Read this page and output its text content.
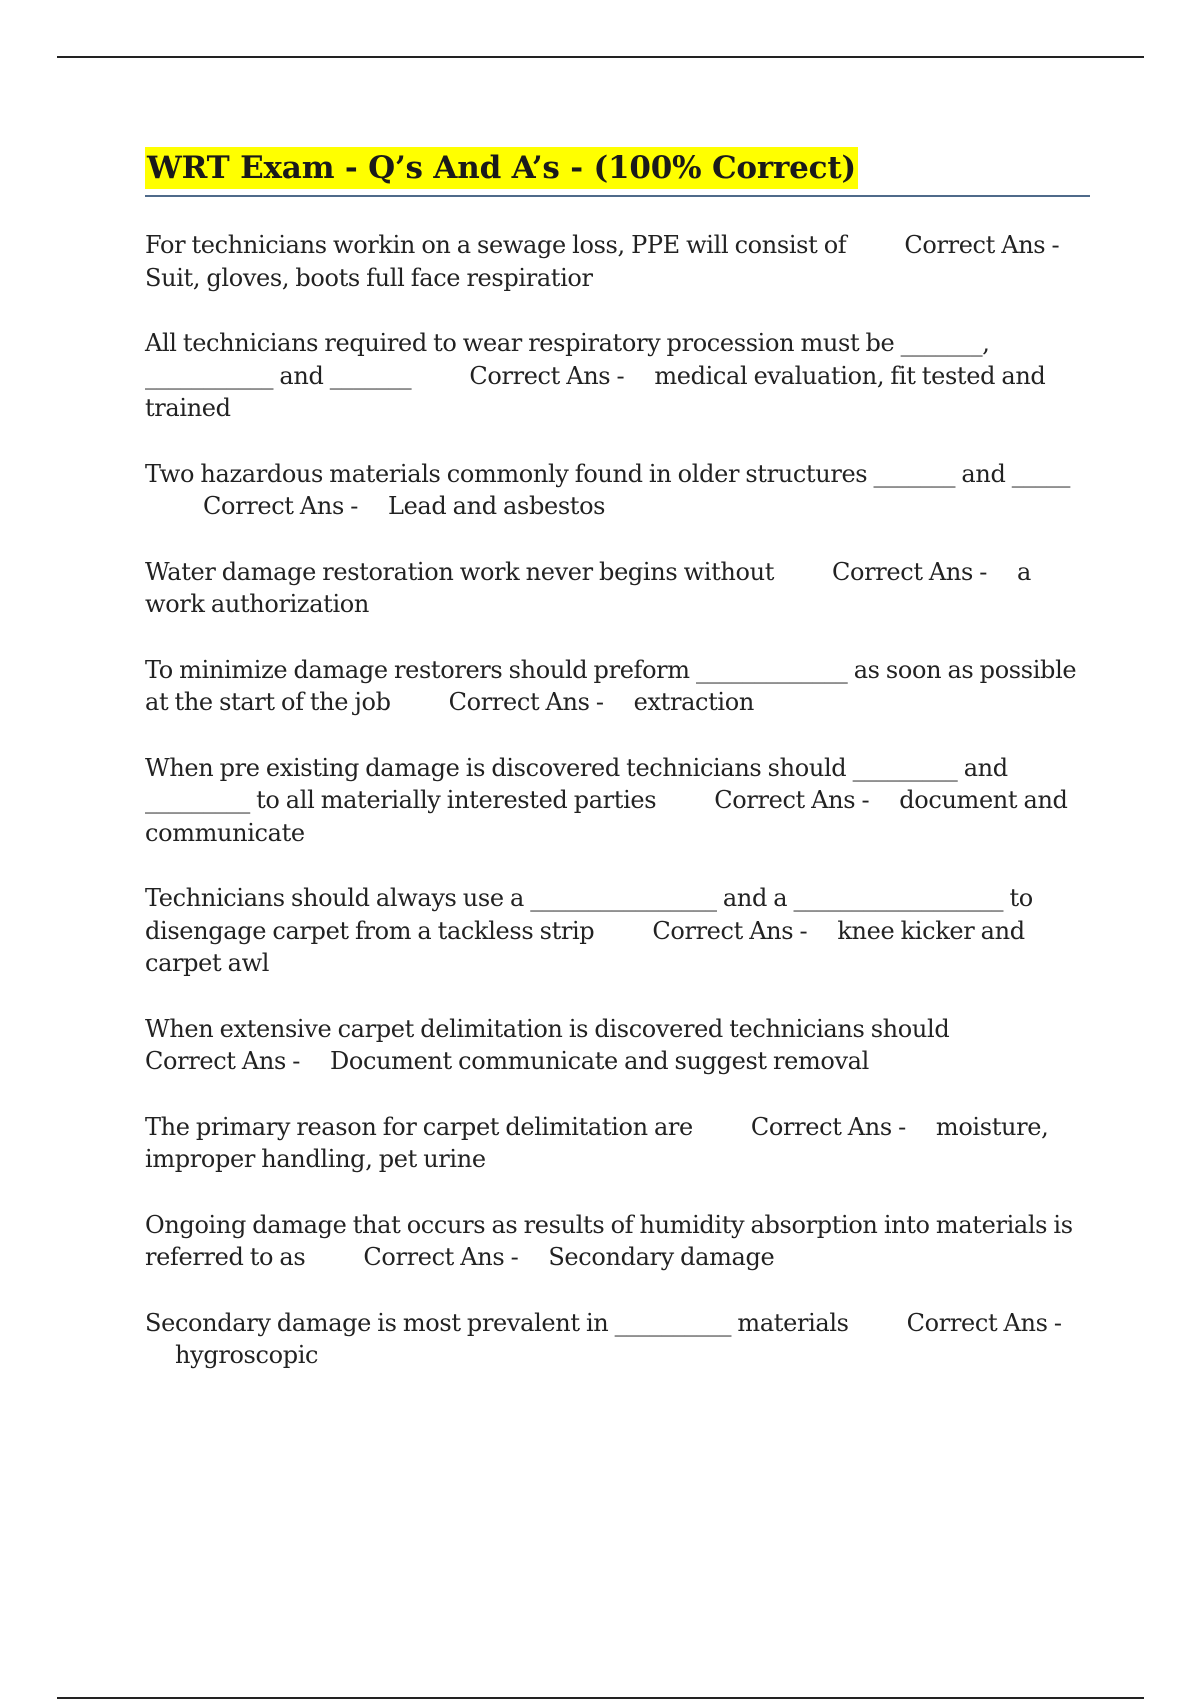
WRT Exam - Q’s And A’s - (100% Correct)

For technicians workin on a sewage loss, PPE will consist of Correct Ans -Suit, gloves, boots full face respiratior

All technicians required to wear respiratory procession must be _______, ___________ and _______ Correct Ans - medical evaluation, fit tested and trained

Two hazardous materials commonly found in older structures _______ and _____Correct Ans - Lead and asbestos

Water damage restoration work never begins without Correct Ans - a work authorization

To minimize damage restorers should preform _____________ as soon as possible at the start of the job Correct Ans - extraction

When pre existing damage is discovered technicians should _________ and _________ to all materially interested parties Correct Ans - document and communicate

Technicians should always use a ________________ and a __________________ to disengage carpet from a tackless strip Correct Ans - knee kicker and carpet awl

When extensive carpet delimitation is discovered technicians shouldCorrect Ans - Document communicate and suggest removal

The primary reason for carpet delimitation are Correct Ans - moisture, improper handling, pet urine

Ongoing damage that occurs as results of humidity absorption into materials is referred to as Correct Ans - Secondary damage

Secondary damage is most prevalent in __________ materials Correct Ans -hygroscopic
